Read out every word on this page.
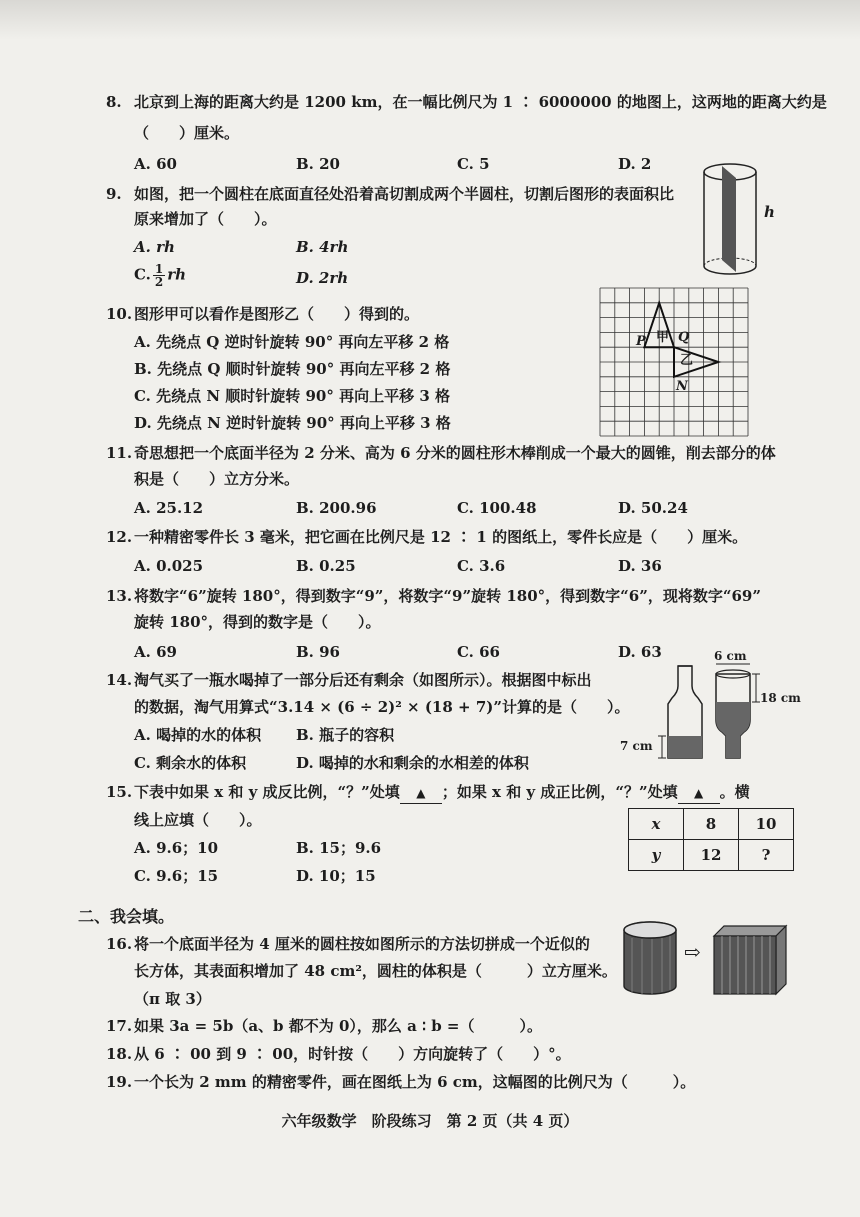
8. 北京到上海的距离大约是 1200 km，在一幅比例尺为 1 ∶ 6000000 的地图上，这两地的距离大约是
（　　）厘米。
A. 60	B. 20	C. 5	D. 2
9. 如图，把一个圆柱在底面直径处沿着高切割成两个半圆柱，切割后图形的表面积比
原来增加了（　　）。
A. rh	B. 4rh
C. $\frac{1}{2}$ rh	D. 2rh
h
10. 图形甲可以看作是图形乙（　　）得到的。
A. 先绕点 Q 逆时针旋转 90° 再向左平移 2 格
B. 先绕点 Q 顺时针旋转 90° 再向左平移 2 格
C. 先绕点 N 顺时针旋转 90° 再向上平移 3 格
D. 先绕点 N 逆时针旋转 90° 再向上平移 3 格
P 甲 Q
乙
N
11. 奇思想把一个底面半径为 2 分米、高为 6 分米的圆柱形木棒削成一个最大的圆锥，削去部分的体
积是（　　）立方分米。
A. 25.12	B. 200.96	C. 100.48	D. 50.24
12. 一种精密零件长 3 毫米，把它画在比例尺是 12 ∶ 1 的图纸上，零件长应是（　　）厘米。
A. 0.025	B. 0.25	C. 3.6	D. 36
13. 将数字“6”旋转 180°，得到数字“9”，将数字“9”旋转 180°，得到数字“6”，现将数字“69”
旋转 180°，得到的数字是（　　）。
A. 69	B. 96	C. 66	D. 63
14. 淘气买了一瓶水喝掉了一部分后还有剩余（如图所示）。根据图中标出
的数据，淘气用算式“3.14 × (6 ÷ 2)² × (18 + 7)”计算的是（　　）。
A. 喝掉的水的体积 B. 瓶子的容积
C. 剩余水的体积	D. 喝掉的水和剩余的水相差的体积
6 cm
18 cm
7 cm
15. 下表中如果 x 和 y 成反比例，“？”处填 ▲ ；如果 x 和 y 成正比例，“？”处填 ▲ 。横
线上应填（　　）。
A. 9.6；10	B. 15；9.6
C. 9.6；15	D. 10；15
x	8	10
y	12	?
二、我会填。
16. 将一个底面半径为 4 厘米的圆柱按如图所示的方法切拼成一个近似的
长方体，其表面积增加了 48 cm²，圆柱的体积是（　　　）立方厘米。
（π 取 3）
⇨
17. 如果 3a = 5b（a、b 都不为 0），那么 a ∶ b =（　　　）。
18. 从 6 ∶ 00 到 9 ∶ 00，时针按（　　）方向旋转了（　　）°。
19. 一个长为 2 mm 的精密零件，画在图纸上为 6 cm，这幅图的比例尺为（　　　）。
六年级数学　阶段练习　第 2 页（共 4 页）
